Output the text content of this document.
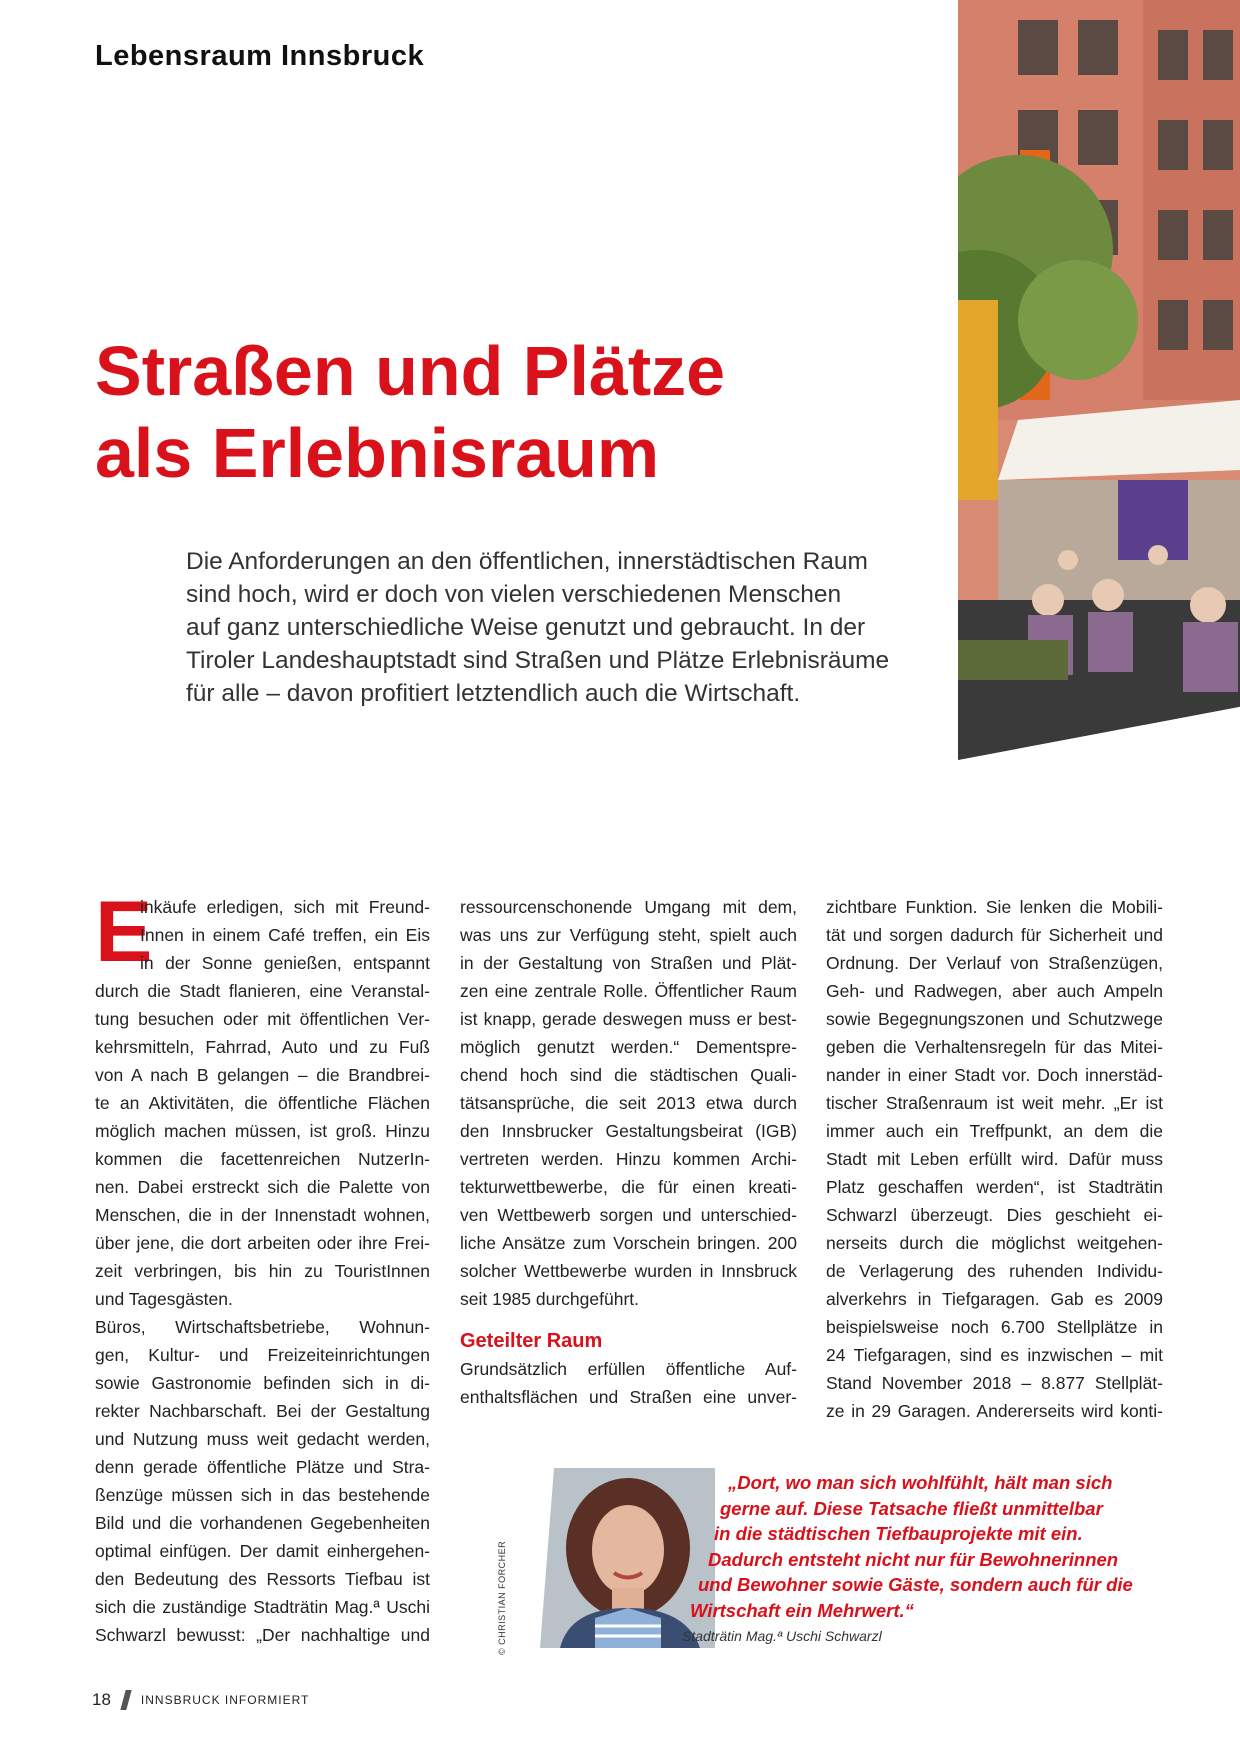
Lebensraum Innsbruck
Straßen und Plätze
als Erlebnisraum
Die Anforderungen an den öffentlichen, innerstädtischen Raum
sind hoch, wird er doch von vielen verschiedenen Menschen
auf ganz unterschiedliche Weise genutzt und gebraucht. In der
Tiroler Landeshauptstadt sind Straßen und Plätze Erlebnisräume
für alle – davon profitiert letztendlich auch die Wirtschaft.
E
inkäufe erledigen, sich mit Freund-
Innen in einem Café treffen, ein Eis
in der Sonne genießen, entspannt
durch die Stadt flanieren, eine Veranstal-
tung besuchen oder mit öffentlichen Ver-
kehrsmitteln, Fahrrad, Auto und zu Fuß
von A nach B gelangen – die Brandbrei-
te an Aktivitäten, die öffentliche Flächen
möglich machen müssen, ist groß. Hinzu
kommen die facettenreichen NutzerIn-
nen. Dabei erstreckt sich die Palette von
Menschen, die in der Innenstadt wohnen,
über jene, die dort arbeiten oder ihre Frei-
zeit verbringen, bis hin zu TouristInnen
und Tagesgästen.
Büros, Wirtschaftsbetriebe, Wohnun-
gen, Kultur- und Freizeiteinrichtungen
sowie Gastronomie befinden sich in di-
rekter Nachbarschaft. Bei der Gestaltung
und Nutzung muss weit gedacht werden,
denn gerade öffentliche Plätze und Stra-
ßenzüge müssen sich in das bestehende
Bild und die vorhandenen Gegebenheiten
optimal einfügen. Der damit einhergehen-
den Bedeutung des Ressorts Tiefbau ist
sich die zuständige Stadträtin Mag.ª Uschi
Schwarzl bewusst: „Der nachhaltige und
ressourcenschonende Umgang mit dem,
was uns zur Verfügung steht, spielt auch
in der Gestaltung von Straßen und Plät-
zen eine zentrale Rolle. Öffentlicher Raum
ist knapp, gerade deswegen muss er best-
möglich genutzt werden.“ Dementspre-
chend hoch sind die städtischen Quali-
tätsansprüche, die seit 2013 etwa durch
den Innsbrucker Gestaltungsbeirat (IGB)
vertreten werden. Hinzu kommen Archi-
tekturwettbewerbe, die für einen kreati-
ven Wettbewerb sorgen und unterschied-
liche Ansätze zum Vorschein bringen. 200
solcher Wettbewerbe wurden in Innsbruck
seit 1985 durchgeführt.
Geteilter Raum
Grundsätzlich erfüllen öffentliche Auf-
enthaltsflächen und Straßen eine unver-
zichtbare Funktion. Sie lenken die Mobili-
tät und sorgen dadurch für Sicherheit und
Ordnung. Der Verlauf von Straßenzügen,
Geh- und Radwegen, aber auch Ampeln
sowie Begegnungszonen und Schutzwege
geben die Verhaltensregeln für das Mitei-
nander in einer Stadt vor. Doch innerstäd-
tischer Straßenraum ist weit mehr. „Er ist
immer auch ein Treffpunkt, an dem die
Stadt mit Leben erfüllt wird. Dafür muss
Platz geschaffen werden“, ist Stadträtin
Schwarzl überzeugt. Dies geschieht ei-
nerseits durch die möglichst weitgehen-
de Verlagerung des ruhenden Individu-
alverkehrs in Tiefgaragen. Gab es 2009
beispielsweise noch 6.700 Stellplätze in
24 Tiefgaragen, sind es inzwischen – mit
Stand November 2018 – 8.877 Stellplät-
ze in 29 Garagen. Andererseits wird konti-
© CHRISTIAN FORCHER
„Dort, wo man sich wohlfühlt, hält man sich
gerne auf. Diese Tatsache fließt unmittelbar
in die städtischen Tiefbauprojekte mit ein.
Dadurch entsteht nicht nur für Bewohnerinnen
und Bewohner sowie Gäste, sondern auch für die
Wirtschaft ein Mehrwert.“
Stadträtin Mag.ª Uschi Schwarzl
18	INNSBRUCK INFORMIERT
